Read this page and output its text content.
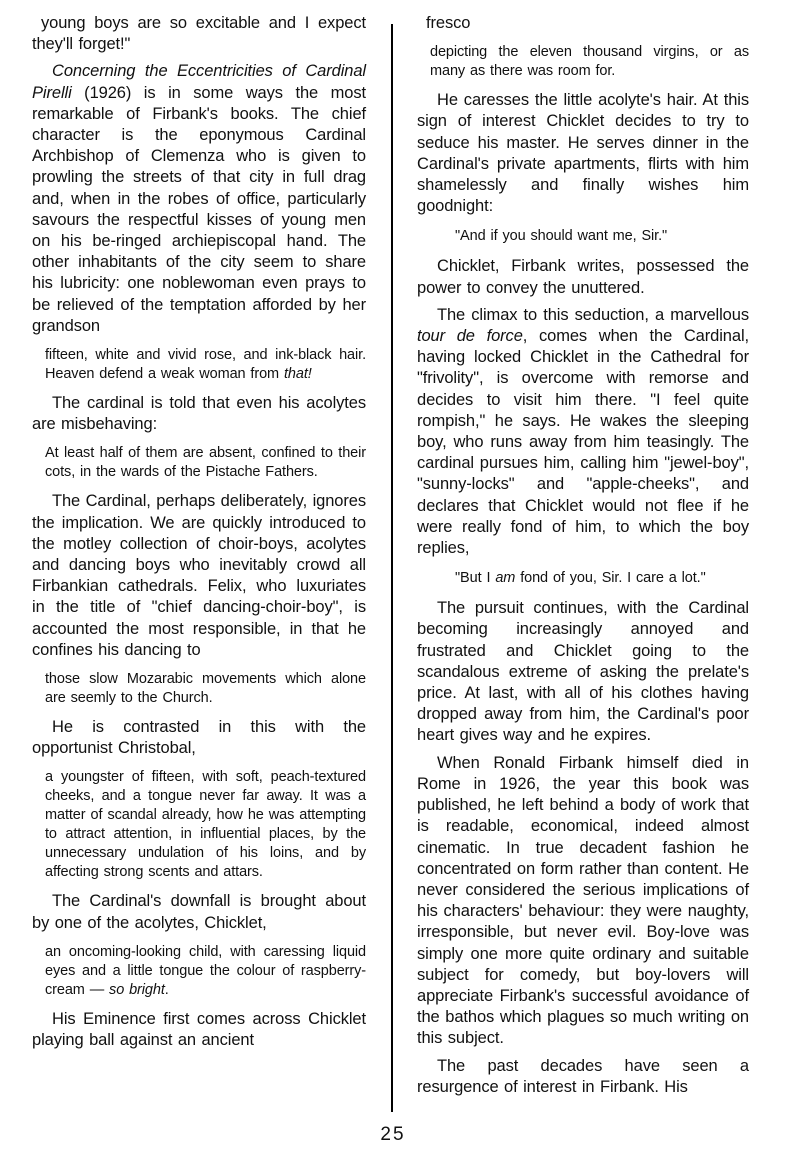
young boys are so excitable and I expect they'll forget!"

Concerning the Eccentricities of Cardinal Pirelli (1926) is in some ways the most remarkable of Firbank's books. The chief character is the eponymous Cardinal Archbishop of Clemenza who is given to prowling the streets of that city in full drag and, when in the robes of office, particularly savours the respectful kisses of young men on his be-ringed archiepiscopal hand. The other inhabitants of the city seem to share his lubricity: one noblewoman even prays to be relieved of the temptation afforded by her grandson

fifteen, white and vivid rose, and ink-black hair. Heaven defend a weak woman from that!

The cardinal is told that even his acolytes are misbehaving:

At least half of them are absent, confined to their cots, in the wards of the Pistache Fathers.

The Cardinal, perhaps deliberately, ignores the implication. We are quickly introduced to the motley collection of choir-boys, acolytes and dancing boys who inevitably crowd all Firbankian cathedrals. Felix, who luxuriates in the title of "chief dancing-choir-boy", is accounted the most responsible, in that he confines his dancing to

those slow Mozarabic movements which alone are seemly to the Church.

He is contrasted in this with the opportunist Christobal,

a youngster of fifteen, with soft, peach-textured cheeks, and a tongue never far away. It was a matter of scandal already, how he was attempting to attract attention, in influential places, by the unnecessary undulation of his loins, and by affecting strong scents and attars.

The Cardinal's downfall is brought about by one of the acolytes, Chicklet,

an oncoming-looking child, with caressing liquid eyes and a little tongue the colour of raspberry-cream — so bright.

His Eminence first comes across Chicklet playing ball against an ancient

fresco

depicting the eleven thousand virgins, or as many as there was room for.

He caresses the little acolyte's hair. At this sign of interest Chicklet decides to try to seduce his master. He serves dinner in the Cardinal's private apartments, flirts with him shamelessly and finally wishes him goodnight:

"And if you should want me, Sir."

Chicklet, Firbank writes, possessed the power to convey the unuttered.

The climax to this seduction, a marvellous tour de force, comes when the Cardinal, having locked Chicklet in the Cathedral for "frivolity", is overcome with remorse and decides to visit him there. "I feel quite rompish," he says. He wakes the sleeping boy, who runs away from him teasingly. The cardinal pursues him, calling him "jewel-boy", "sunny-locks" and "apple-cheeks", and declares that Chicklet would not flee if he were really fond of him, to which the boy replies,

"But I am fond of you, Sir. I care a lot."

The pursuit continues, with the Cardinal becoming increasingly annoyed and frustrated and Chicklet going to the scandalous extreme of asking the prelate's price. At last, with all of his clothes having dropped away from him, the Cardinal's poor heart gives way and he expires.

When Ronald Firbank himself died in Rome in 1926, the year this book was published, he left behind a body of work that is readable, economical, indeed almost cinematic. In true decadent fashion he concentrated on form rather than content. He never considered the serious implications of his characters' behaviour: they were naughty, irresponsible, but never evil. Boy-love was simply one more quite ordinary and suitable subject for comedy, but boy-lovers will appreciate Firbank's successful avoidance of the bathos which plagues so much writing on this subject.

The past decades have seen a resurgence of interest in Firbank. His

25
